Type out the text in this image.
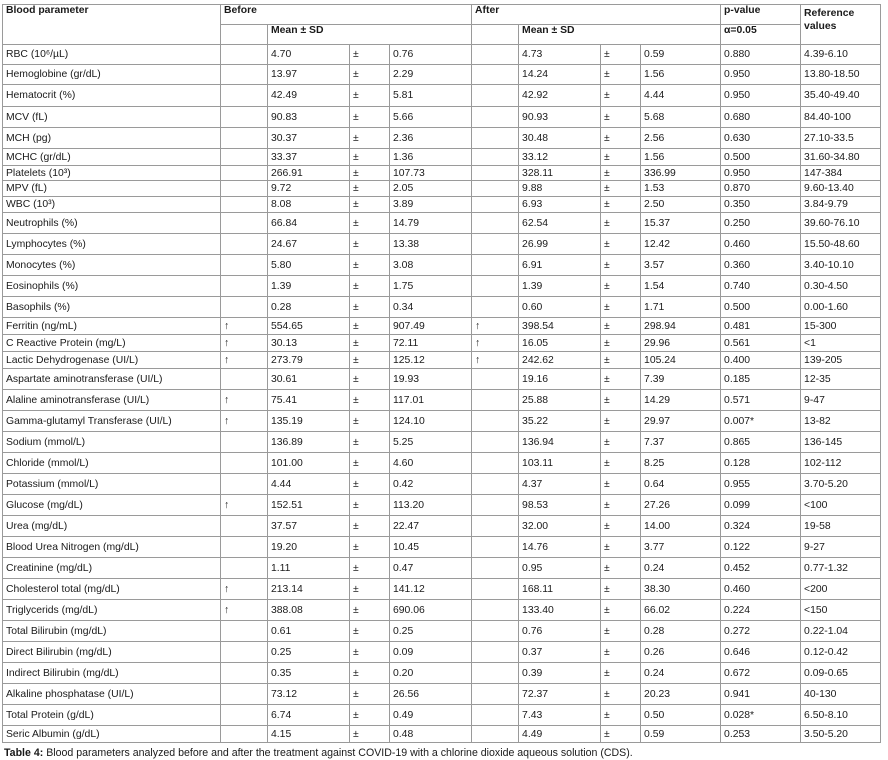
Blood parameter	Before				After				p-value	Reference values
		Mean ± SD				Mean ± SD			α=0.05	
RBC (10⁶/µL)		4.70	±	0.76		4.73	±	0.59	0.880	4.39-6.10
Hemoglobine (gr/dL)		13.97	±	2.29		14.24	±	1.56	0.950	13.80-18.50
Hematocrit (%)		42.49	±	5.81		42.92	±	4.44	0.950	35.40-49.40
MCV (fL)		90.83	±	5.66		90.93	±	5.68	0.680	84.40-100
MCH (pg)		30.37	±	2.36		30.48	±	2.56	0.630	27.10-33.5
MCHC (gr/dL)		33.37	±	1.36		33.12	±	1.56	0.500	31.60-34.80
Platelets (10³)		266.91	±	107.73		328.11	±	336.99	0.950	147-384
MPV (fL)		9.72	±	2.05		9.88	±	1.53	0.870	9.60-13.40
WBC (10³)		8.08	±	3.89		6.93	±	2.50	0.350	3.84-9.79
Neutrophils (%)		66.84	±	14.79		62.54	±	15.37	0.250	39.60-76.10
Lymphocytes (%)		24.67	±	13.38		26.99	±	12.42	0.460	15.50-48.60
Monocytes (%)		5.80	±	3.08		6.91	±	3.57	0.360	3.40-10.10
Eosinophils (%)		1.39	±	1.75		1.39	±	1.54	0.740	0.30-4.50
Basophils (%)		0.28	±	0.34		0.60	±	1.71	0.500	0.00-1.60
Ferritin (ng/mL)	↑	554.65	±	907.49	↑	398.54	±	298.94	0.481	15-300
C Reactive Protein (mg/L)	↑	30.13	±	72.11	↑	16.05	±	29.96	0.561	<1
Lactic Dehydrogenase (UI/L)	↑	273.79	±	125.12	↑	242.62	±	105.24	0.400	139-205
Aspartate aminotransferase (UI/L)		30.61	±	19.93		19.16	±	7.39	0.185	12-35
Alaline aminotransferase (UI/L)	↑	75.41	±	117.01		25.88	±	14.29	0.571	9-47
Gamma-glutamyl Transferase (UI/L)	↑	135.19	±	124.10		35.22	±	29.97	0.007*	13-82
Sodium (mmol/L)		136.89	±	5.25		136.94	±	7.37	0.865	136-145
Chloride (mmol/L)		101.00	±	4.60		103.11	±	8.25	0.128	102-112
Potassium (mmol/L)		4.44	±	0.42		4.37	±	0.64	0.955	3.70-5.20
Glucose (mg/dL)	↑	152.51	±	113.20		98.53	±	27.26	0.099	<100
Urea (mg/dL)		37.57	±	22.47		32.00	±	14.00	0.324	19-58
Blood Urea Nitrogen (mg/dL)		19.20	±	10.45		14.76	±	3.77	0.122	9-27
Creatinine (mg/dL)		1.11	±	0.47		0.95	±	0.24	0.452	0.77-1.32
Cholesterol total (mg/dL)	↑	213.14	±	141.12		168.11	±	38.30	0.460	<200
Triglycerids (mg/dL)	↑	388.08	±	690.06		133.40	±	66.02	0.224	<150
Total Bilirubin (mg/dL)		0.61	±	0.25		0.76	±	0.28	0.272	0.22-1.04
Direct Bilirubin (mg/dL)		0.25	±	0.09		0.37	±	0.26	0.646	0.12-0.42
Indirect Bilirubin (mg/dL)		0.35	±	0.20		0.39	±	0.24	0.672	0.09-0.65
Alkaline phosphatase (UI/L)		73.12	±	26.56		72.37	±	20.23	0.941	40-130
Total Protein (g/dL)		6.74	±	0.49		7.43	±	0.50	0.028*	6.50-8.10
Seric Albumin (g/dL)		4.15	±	0.48		4.49	±	0.59	0.253	3.50-5.20
Table 4: Blood parameters analyzed before and after the treatment against COVID-19 with a chlorine dioxide aqueous solution (CDS).
